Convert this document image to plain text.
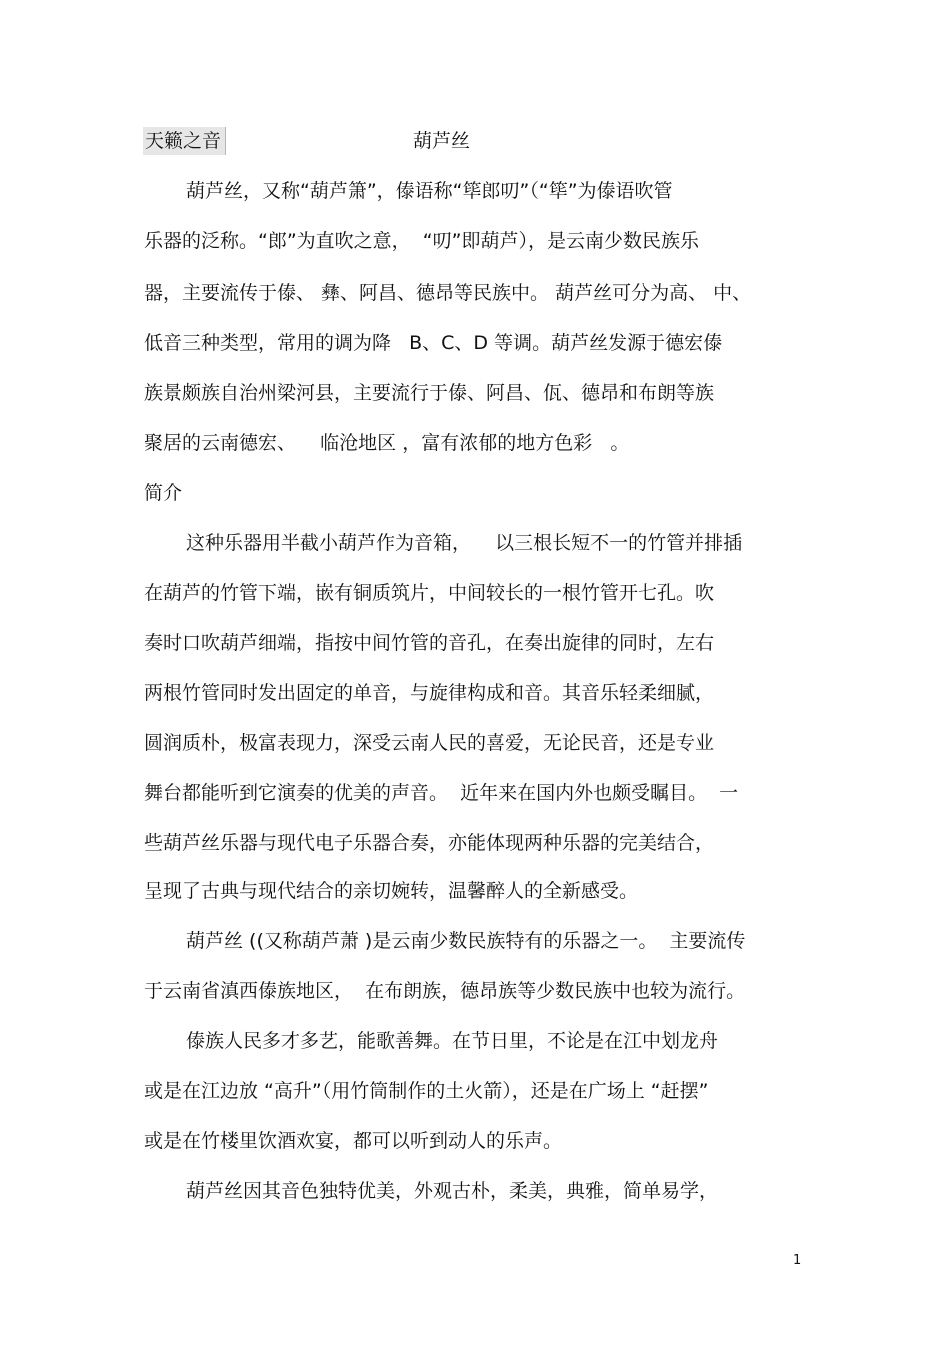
天籁之音	葫芦丝
葫芦丝，又称“葫芦箫”，傣语称“筚郎叨”（“筚”为傣语吹管
乐器的泛称。“郎”为直吹之意，  “叨”即葫芦），是云南少数民族乐
器，主要流传于傣、 彝、阿昌、德昂等民族中。 葫芦丝可分为高、 中、
低音三种类型，常用的调为降   B、C、D 等调。葫芦丝发源于德宏傣
族景颇族自治州梁河县，主要流行于傣、阿昌、佤、德昂和布朗等族
聚居的云南德宏、    临沧地区 ，富有浓郁的地方色彩   。
简介
这种乐器用半截小葫芦作为音箱，    以三根长短不一的竹管并排插
在葫芦的竹管下端，嵌有铜质筑片，中间较长的一根竹管开七孔。吹
奏时口吹葫芦细端，指按中间竹管的音孔，在奏出旋律的同时，左右
两根竹管同时发出固定的单音，与旋律构成和音。其音乐轻柔细腻，
圆润质朴，极富表现力，深受云南人民的喜爱，无论民音，还是专业
舞台都能听到它演奏的优美的声音。  近年来在国内外也颇受瞩目。  一
些葫芦丝乐器与现代电子乐器合奏，亦能体现两种乐器的完美结合，
呈现了古典与现代结合的亲切婉转，温馨醉人的全新感受。
葫芦丝 ((又称葫芦萧 )是云南少数民族特有的乐器之一。  主要流传
于云南省滇西傣族地区，  在布朗族，德昂族等少数民族中也较为流行。
傣族人民多才多艺，能歌善舞。在节日里，不论是在江中划龙舟
或是在江边放 “高升”（用竹筒制作的土火箭），还是在广场上 “赶摆”
或是在竹楼里饮酒欢宴，都可以听到动人的乐声。
葫芦丝因其音色独特优美，外观古朴，柔美，典雅，简单易学，
1
